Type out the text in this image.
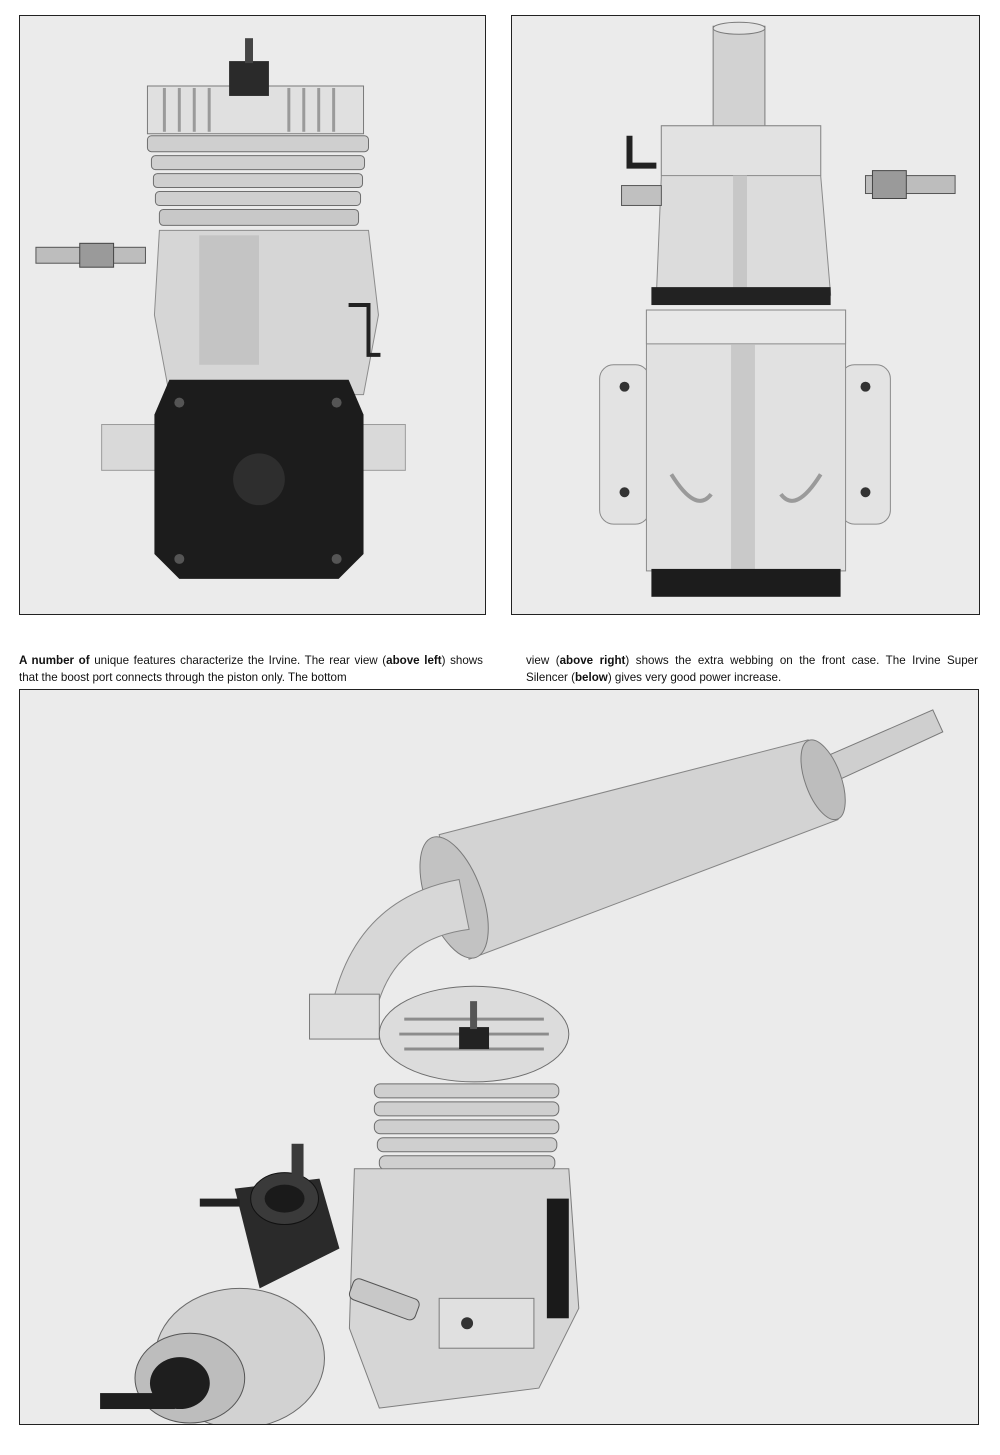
A number of unique features characterize the Irvine. The rear view (above left) shows that the boost port connects through the piston only. The bottom

view (above right) shows the extra webbing on the front case. The Irvine Super Silencer (below) gives very good power increase.
